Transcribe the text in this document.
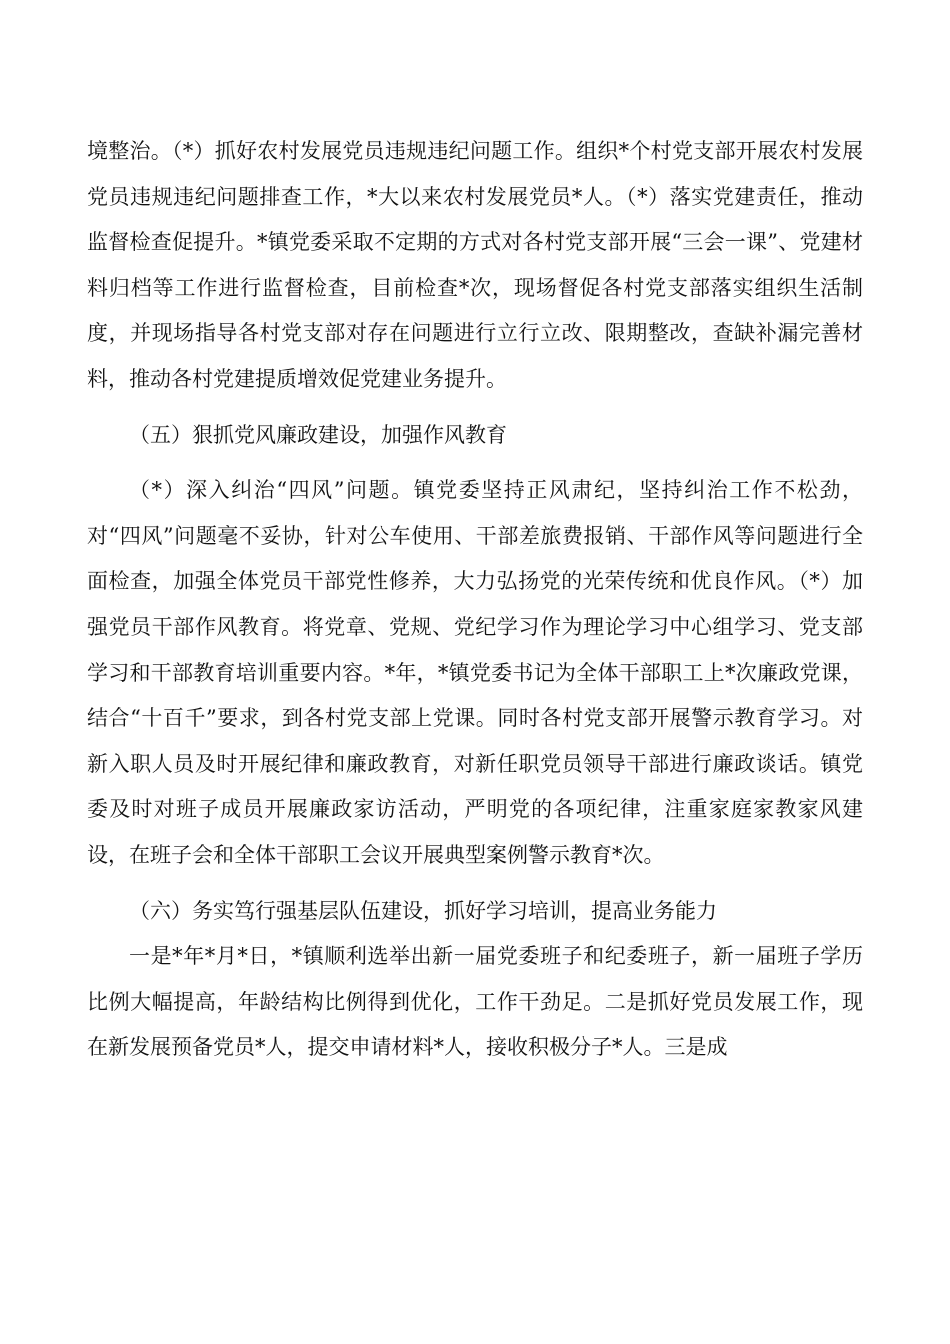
境整治。（*）抓好农村发展党员违规违纪问题工作。组织*个村党支部开展农村发展党员违规违纪问题排查工作，*大以来农村发展党员*人。（*）落实党建责任，推动监督检查促提升。*镇党委采取不定期的方式对各村党支部开展“三会一课”、党建材料归档等工作进行监督检查，目前检查*次，现场督促各村党支部落实组织生活制度，并现场指导各村党支部对存在问题进行立行立改、限期整改，查缺补漏完善材料，推动各村党建提质增效促党建业务提升。

（五）狠抓党风廉政建设，加强作风教育

（*）深入纠治“四风”问题。镇党委坚持正风肃纪，坚持纠治工作不松劲，对“四风”问题毫不妥协，针对公车使用、干部差旅费报销、干部作风等问题进行全面检查，加强全体党员干部党性修养，大力弘扬党的光荣传统和优良作风。（*）加强党员干部作风教育。将党章、党规、党纪学习作为理论学习中心组学习、党支部学习和干部教育培训重要内容。*年，*镇党委书记为全体干部职工上*次廉政党课，结合“十百千”要求，到各村党支部上党课。同时各村党支部开展警示教育学习。对新入职人员及时开展纪律和廉政教育，对新任职党员领导干部进行廉政谈话。镇党委及时对班子成员开展廉政家访活动，严明党的各项纪律，注重家庭家教家风建设，在班子会和全体干部职工会议开展典型案例警示教育*次。

（六）务实笃行强基层队伍建设，抓好学习培训，提高业务能力

一是*年*月*日，*镇顺利选举出新一届党委班子和纪委班子，新一届班子学历比例大幅提高，年龄结构比例得到优化，工作干劲足。二是抓好党员发展工作，现在新发展预备党员*人，提交申请材料*人，接收积极分子*人。三是成
